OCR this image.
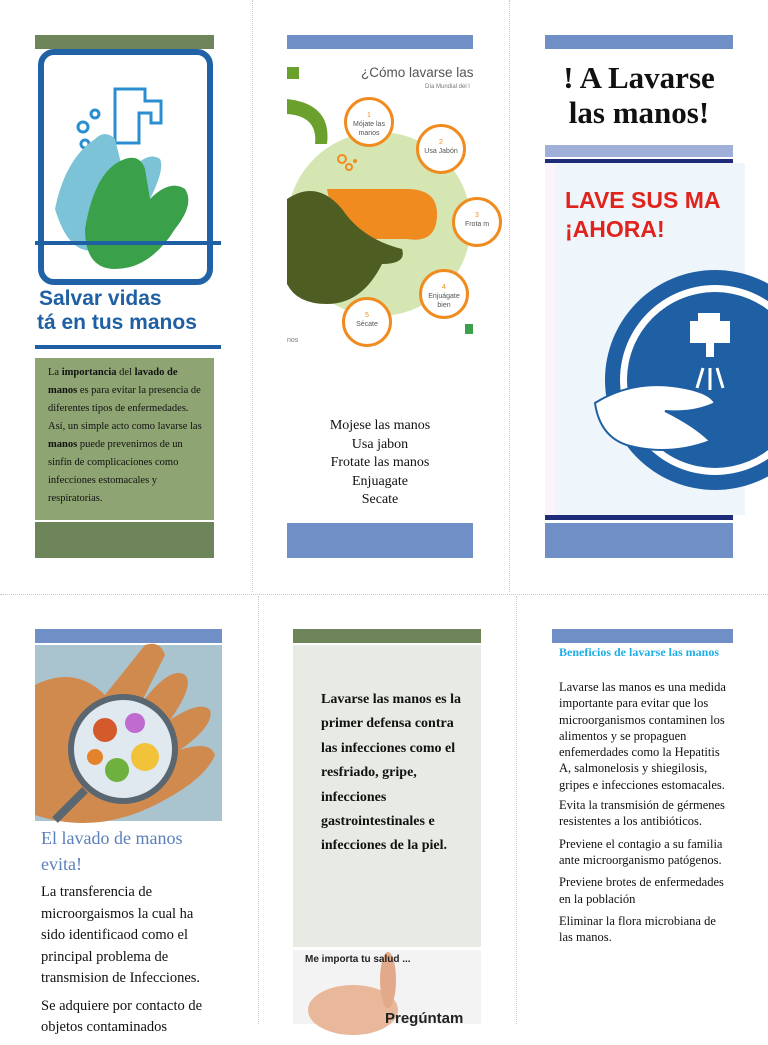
Salvar vidas
tá en tus manos

La importancia del lavado de manos es para evitar la presencia de diferentes tipos de enfermedades. Así, un simple acto como lavarse las manos puede prevenirnos de un sinfín de complicaciones como infecciones estomacales y respiratorias.

¿Cómo lavarse las
Día Mundial del l
1
Mójate las manos
2
Usa Jabón
3
Frota m
4
Enjuágate bien
5
Sécate
nos
Mojese las manos
Usa jabon
Frotate las manos
Enjuagate
Secate
! A Lavarse
las manos!
LAVE SUS MA
¡AHORA!
El lavado de manos evita!

La transferencia de microorgaismos la cual ha sido identificaod como el principal problema de transmision de Infecciones.

Se adquiere por contacto de objetos contaminados

Lavarse las manos es la primer defensa contra las infecciones como el resfriado, gripe, infecciones gastrointestinales e infecciones de la piel.
Me importa tu salud ...
Pregúntam
Beneficios de lavarse las manos

Lavarse las manos es una medida importante para evitar que los microorganismos contaminen los alimentos y se propaguen enfemerdades como la Hepatitis A, salmonelosis y shiegilosis, gripes e infecciones estomacales.

Evita la transmisión de gérmenes resistentes a los antibióticos.

Previene el contagio a su familia ante microorganismo patógenos.

Previene brotes de enfermedades en la población

Eliminar la flora microbiana de las manos.
